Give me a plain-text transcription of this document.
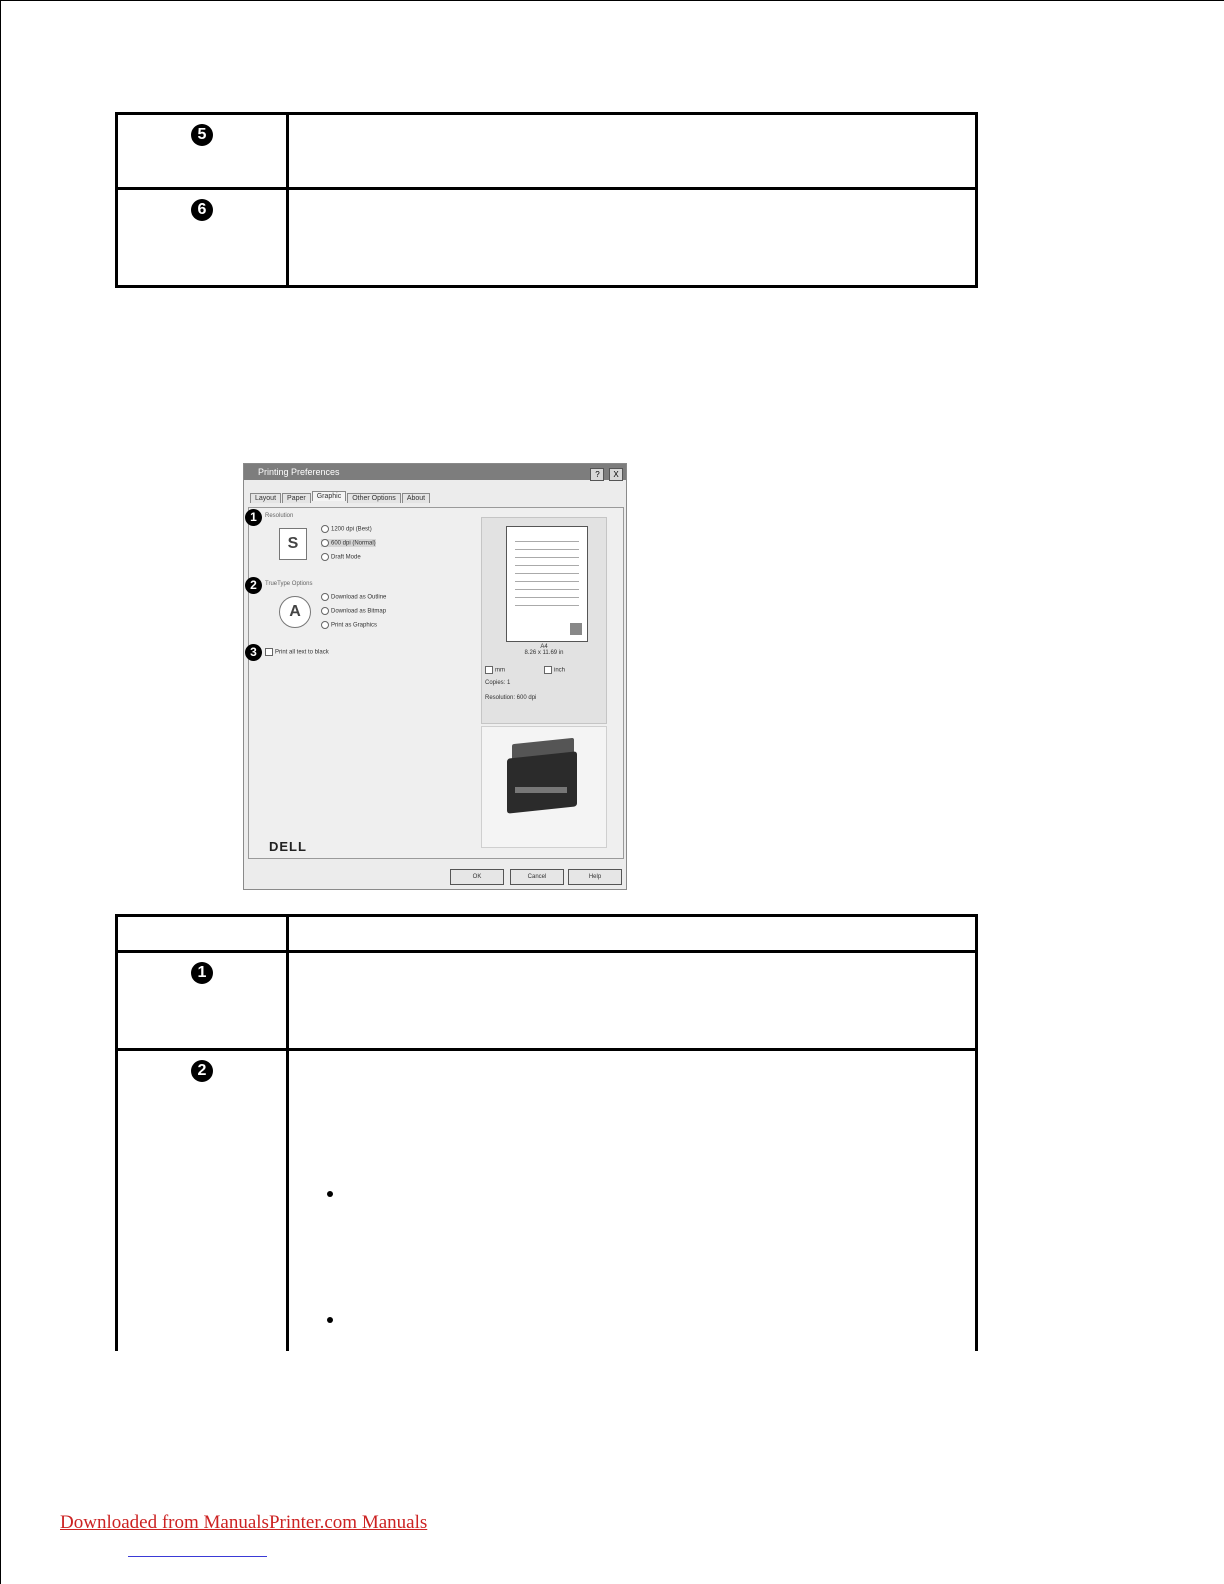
5	
6	
Printing Preferences	? X
Layout Paper Graphic Other Options About
1	Resolution
S
1200 dpi (Best)
600 dpi (Normal)
Draft Mode
2	TrueType Options
A
Download as Outline
Download as Bitmap
Print as Graphics
3	Print all text to black
A4
8.26 x 11.69 in
mm	inch
Copies: 1
Resolution: 600 dpi
DELL
OK	Cancel	Help

1	
2	
Downloaded from ManualsPrinter.com Manuals
